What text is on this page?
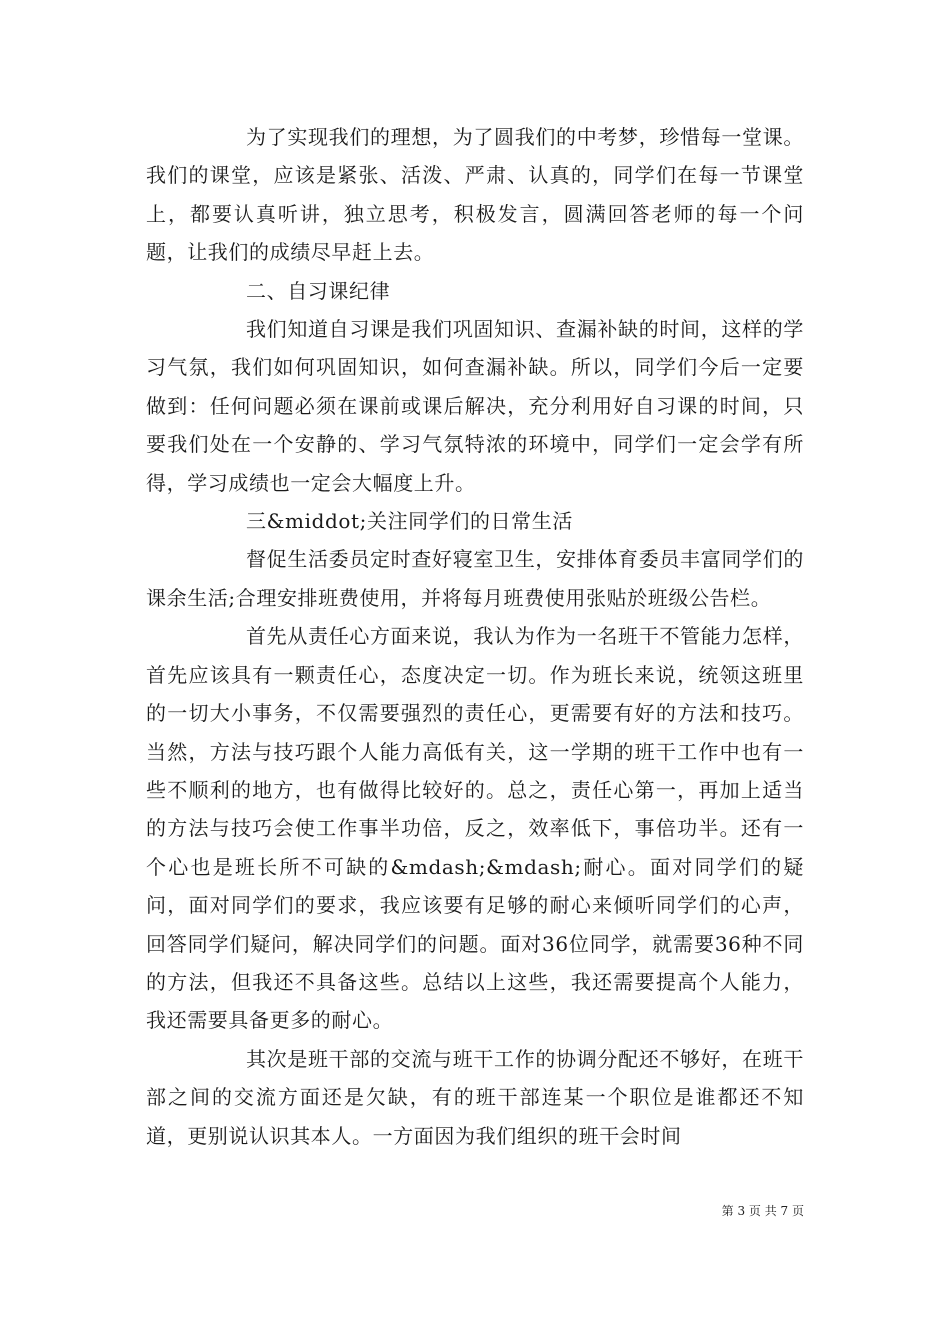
为了实现我们的理想，为了圆我们的中考梦，珍惜每一堂课。我们的课堂，应该是紧张、活泼、严肃、认真的，同学们在每一节课堂上，都要认真听讲，独立思考，积极发言，圆满回答老师的每一个问题，让我们的成绩尽早赶上去。

二、自习课纪律

我们知道自习课是我们巩固知识、查漏补缺的时间，这样的学习气氛，我们如何巩固知识，如何查漏补缺。所以，同学们今后一定要做到：任何问题必须在课前或课后解决，充分利用好自习课的时间，只要我们处在一个安静的、学习气氛特浓的环境中，同学们一定会学有所得，学习成绩也一定会大幅度上升。

三&middot;关注同学们的日常生活

督促生活委员定时查好寝室卫生，安排体育委员丰富同学们的课余生活;合理安排班费使用，并将每月班费使用张贴於班级公告栏。

首先从责任心方面来说，我认为作为一名班干不管能力怎样，首先应该具有一颗责任心，态度决定一切。作为班长来说，统领这班里的一切大小事务，不仅需要强烈的责任心，更需要有好的方法和技巧。当然，方法与技巧跟个人能力高低有关，这一学期的班干工作中也有一些不顺利的地方，也有做得比较好的。总之，责任心第一，再加上适当的方法与技巧会使工作事半功倍，反之，效率低下，事倍功半。还有一个心也是班长所不可缺的&mdash;&mdash;耐心。面对同学们的疑问，面对同学们的要求，我应该要有足够的耐心来倾听同学们的心声，回答同学们疑问，解决同学们的问题。面对36位同学，就需要36种不同的方法，但我还不具备这些。总结以上这些，我还需要提高个人能力，我还需要具备更多的耐心。

其次是班干部的交流与班干工作的协调分配还不够好，在班干部之间的交流方面还是欠缺，有的班干部连某一个职位是谁都还不知道，更别说认识其本人。一方面因为我们组织的班干会时间

第 3 页 共 7 页
